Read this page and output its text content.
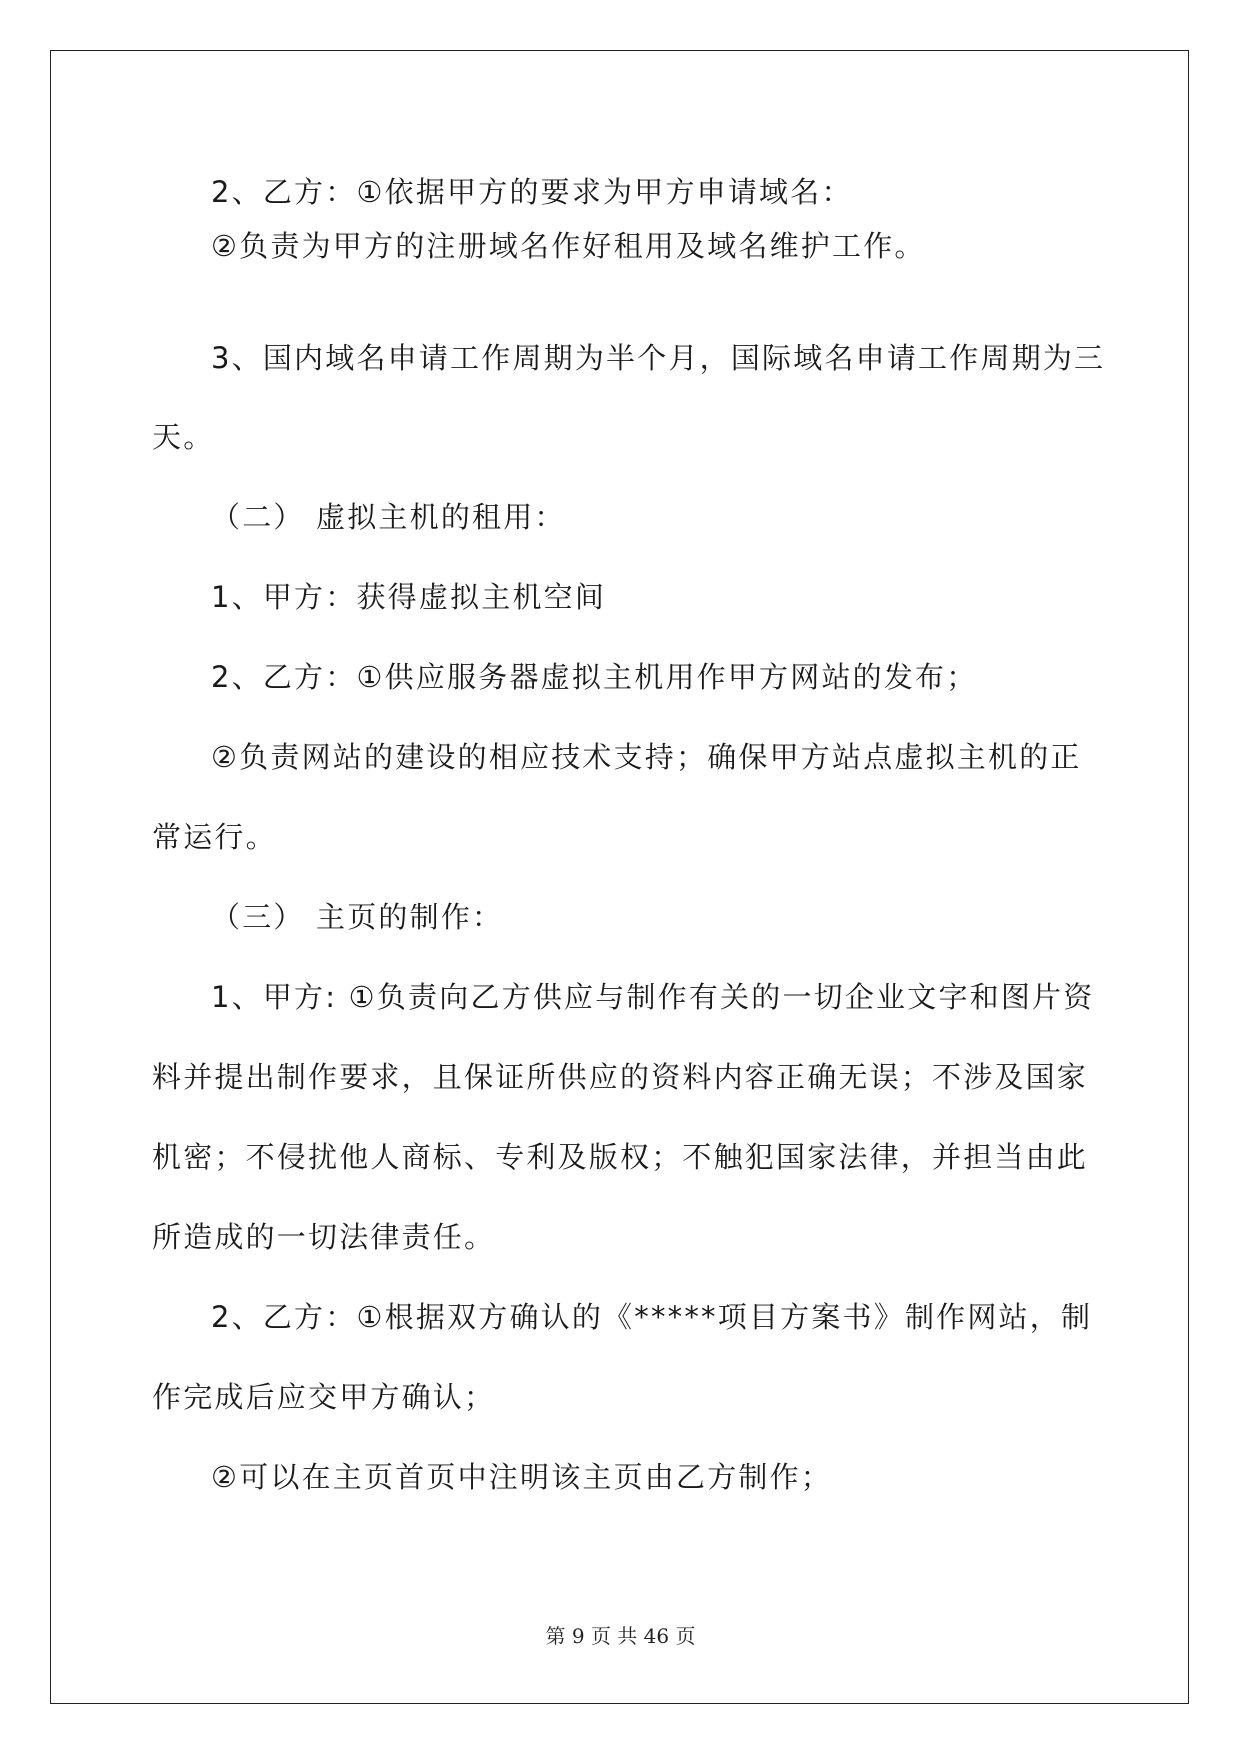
2、乙方：①依据甲方的要求为甲方申请域名：
②负责为甲方的注册域名作好租用及域名维护工作。
3、国内域名申请工作周期为半个月，国际域名申请工作周期为三
天。
（二） 虚拟主机的租用：
1、甲方：获得虚拟主机空间
2、乙方：①供应服务器虚拟主机用作甲方网站的发布；
②负责网站的建设的相应技术支持；确保甲方站点虚拟主机的正
常运行。
（三） 主页的制作：
1、甲方: ①负责向乙方供应与制作有关的一切企业文字和图片资
料并提出制作要求，且保证所供应的资料内容正确无误；不涉及国家
机密；不侵扰他人商标、专利及版权；不触犯国家法律，并担当由此
所造成的一切法律责任。
2、乙方：①根据双方确认的《*****项目方案书》制作网站，制
作完成后应交甲方确认；
②可以在主页首页中注明该主页由乙方制作；
第 9 页 共 46 页
